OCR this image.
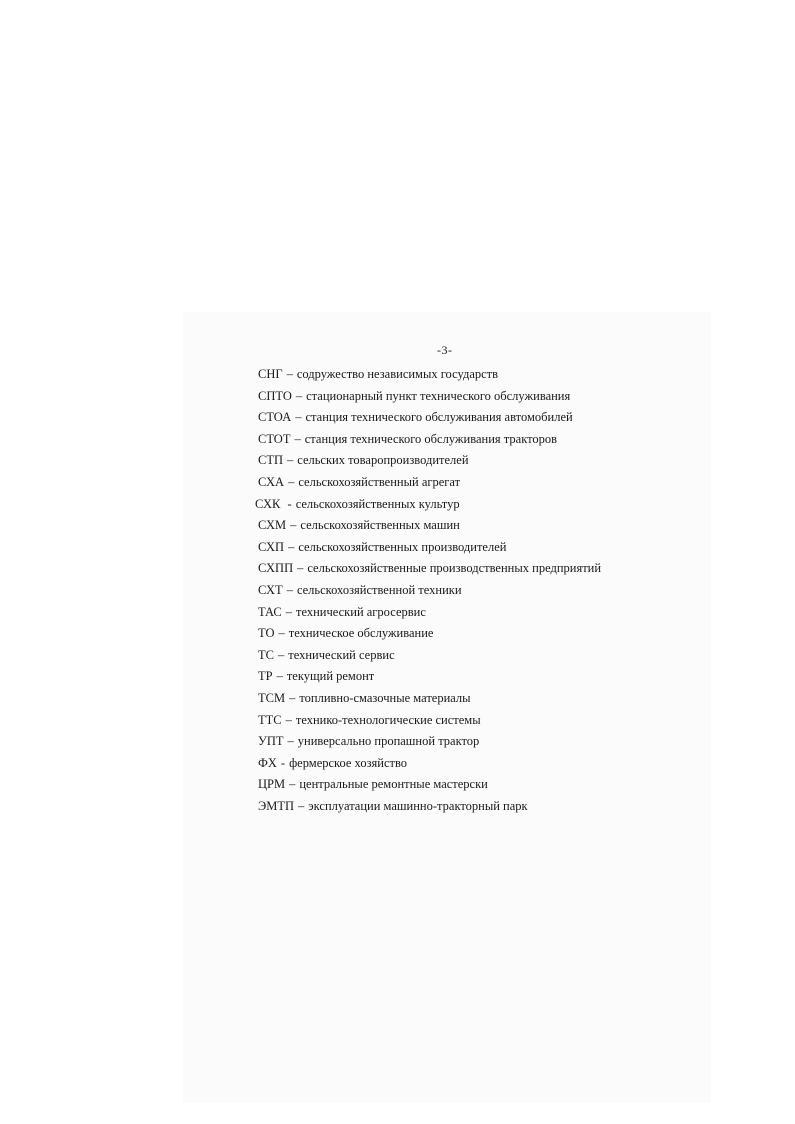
-3-
СНГ – содружество независимых государств
СПТО – стационарный пункт технического обслуживания
СТОА – станция технического обслуживания автомобилей
СТОТ – станция технического обслуживания тракторов
СТП – сельских товаропроизводителей
СХА – сельскохозяйственный агрегат
СХК - сельскохозяйственных культур
СХМ – сельскохозяйственных машин
СХП – сельскохозяйственных производителей
СХПП – сельскохозяйственные производственных предприятий
СХТ – сельскохозяйственной техники
ТАС – технический агросервис
ТО – техническое обслуживание
ТС – технический сервис
ТР – текущий ремонт
ТСМ – топливно-смазочные материалы
ТТС – технико-технологические системы
УПТ – универсально пропашной трактор
ФХ - фермерское хозяйство
ЦРМ – центральные ремонтные мастерски
ЭМТП – эксплуатации машинно-тракторный парк
